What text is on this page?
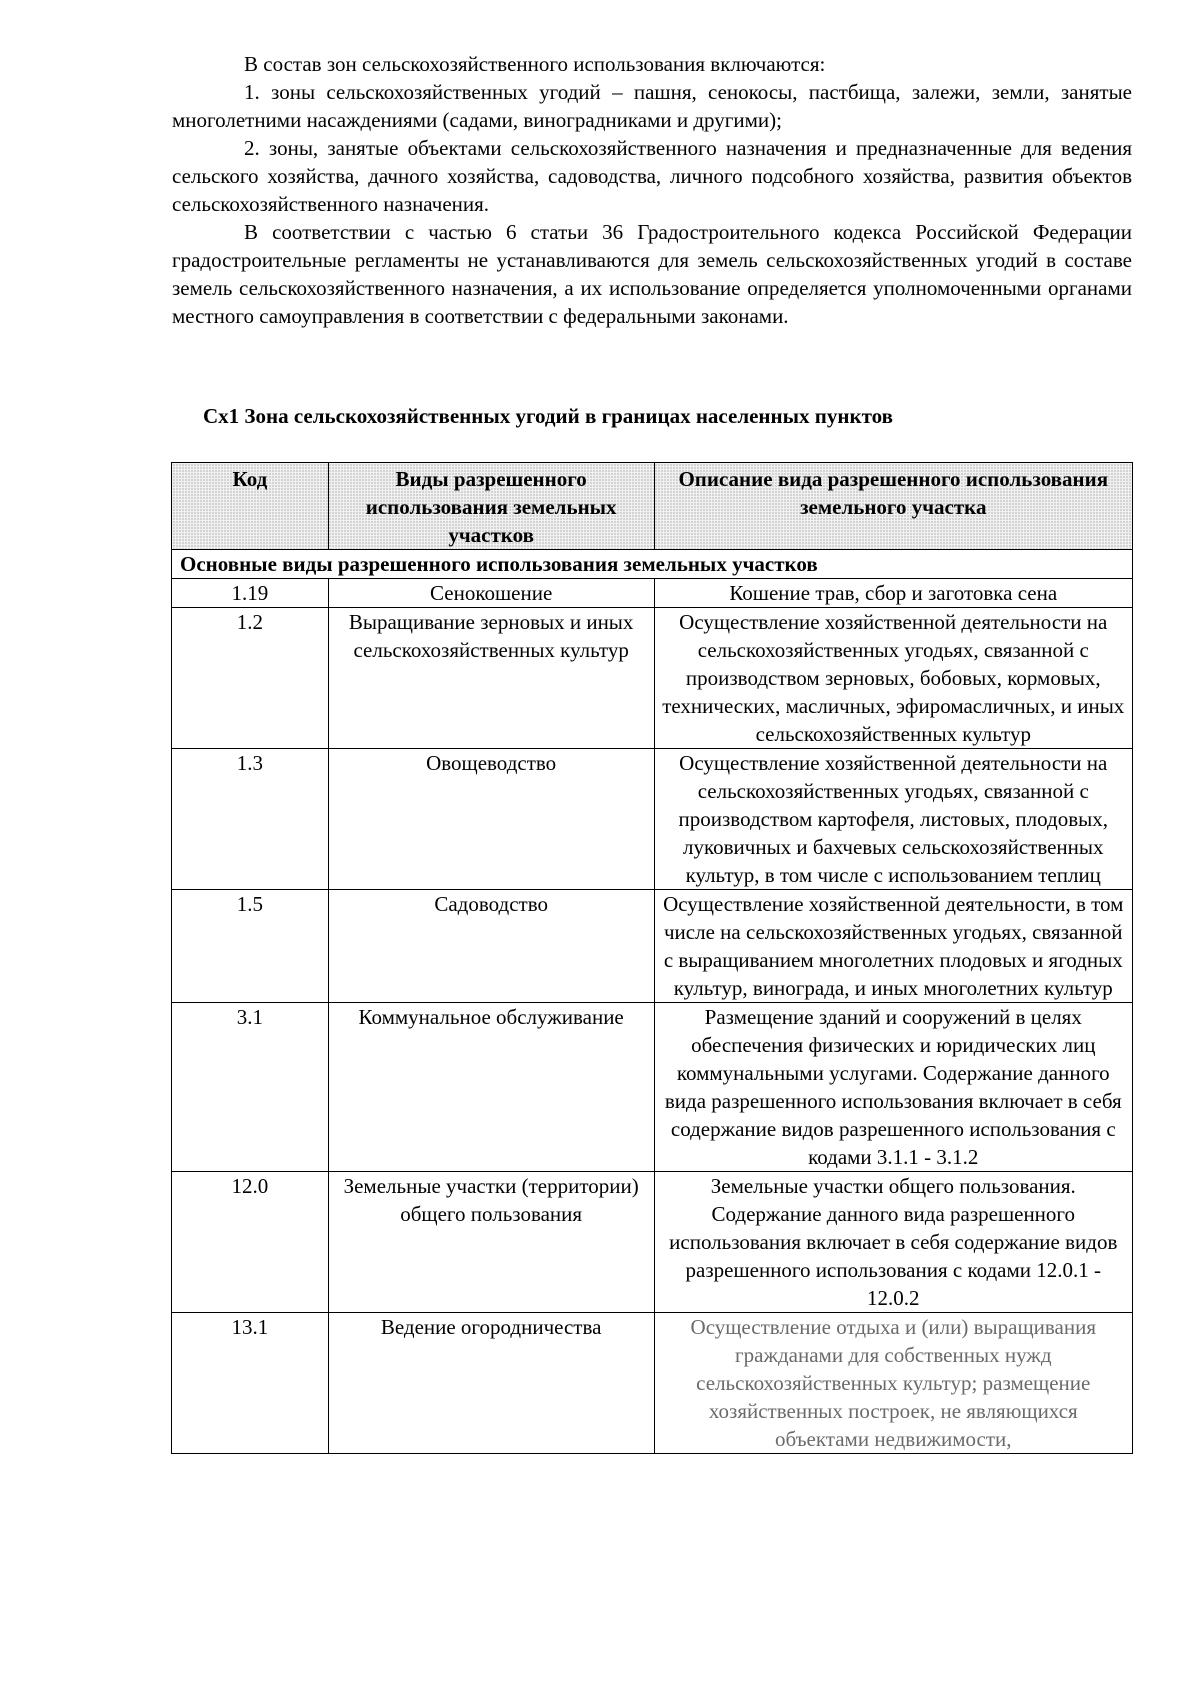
В состав зон сельскохозяйственного использования включаются:

1. зоны сельскохозяйственных угодий – пашня, сенокосы, пастбища, залежи, земли, занятые многолетними насаждениями (садами, виноградниками и другими);

2. зоны, занятые объектами сельскохозяйственного назначения и предназначенные для ведения сельского хозяйства, дачного хозяйства, садоводства, личного подсобного хозяйства, развития объектов сельскохозяйственного назначения.

В соответствии с частью 6 статьи 36 Градостроительного кодекса Российской Федерации градостроительные регламенты не устанавливаются для земель сельскохозяйственных угодий в составе земель сельскохозяйственного назначения, а их использование определяется уполномоченными органами местного самоуправления в соответствии с федеральными законами.

Сх1 Зона сельскохозяйственных угодий в границах населенных пунктов
Код	Виды разрешенного использования земельных участков	Описание вида разрешенного использования земельного участка
Основные виды разрешенного использования земельных участков		
1.19	Сенокошение	Кошение трав, сбор и заготовка сена
1.2	Выращивание зерновых и иных сельскохозяйственных культур	Осуществление хозяйственной деятельности на сельскохозяйственных угодьях, связанной с производством зерновых, бобовых, кормовых, технических, масличных, эфиромасличных, и иных сельскохозяйственных культур
1.3	Овощеводство	Осуществление хозяйственной деятельности на сельскохозяйственных угодьях, связанной с производством картофеля, листовых, плодовых, луковичных и бахчевых сельскохозяйственных культур, в том числе с использованием теплиц
1.5	Садоводство	Осуществление хозяйственной деятельности, в том числе на сельскохозяйственных угодьях, связанной с выращиванием многолетних плодовых и ягодных культур, винограда, и иных многолетних культур
3.1	Коммунальное обслуживание	Размещение зданий и сооружений в целях обеспечения физических и юридических лиц коммунальными услугами. Содержание данного вида разрешенного использования включает в себя содержание видов разрешенного использования с кодами 3.1.1 - 3.1.2
12.0	Земельные участки (территории) общего пользования	Земельные участки общего пользования. Содержание данного вида разрешенного использования включает в себя содержание видов разрешенного использования с кодами 12.0.1 - 12.0.2
13.1	Ведение огородничества	Осуществление отдыха и (или) выращивания гражданами для собственных нужд сельскохозяйственных культур; размещение хозяйственных построек, не являющихся объектами недвижимости,
